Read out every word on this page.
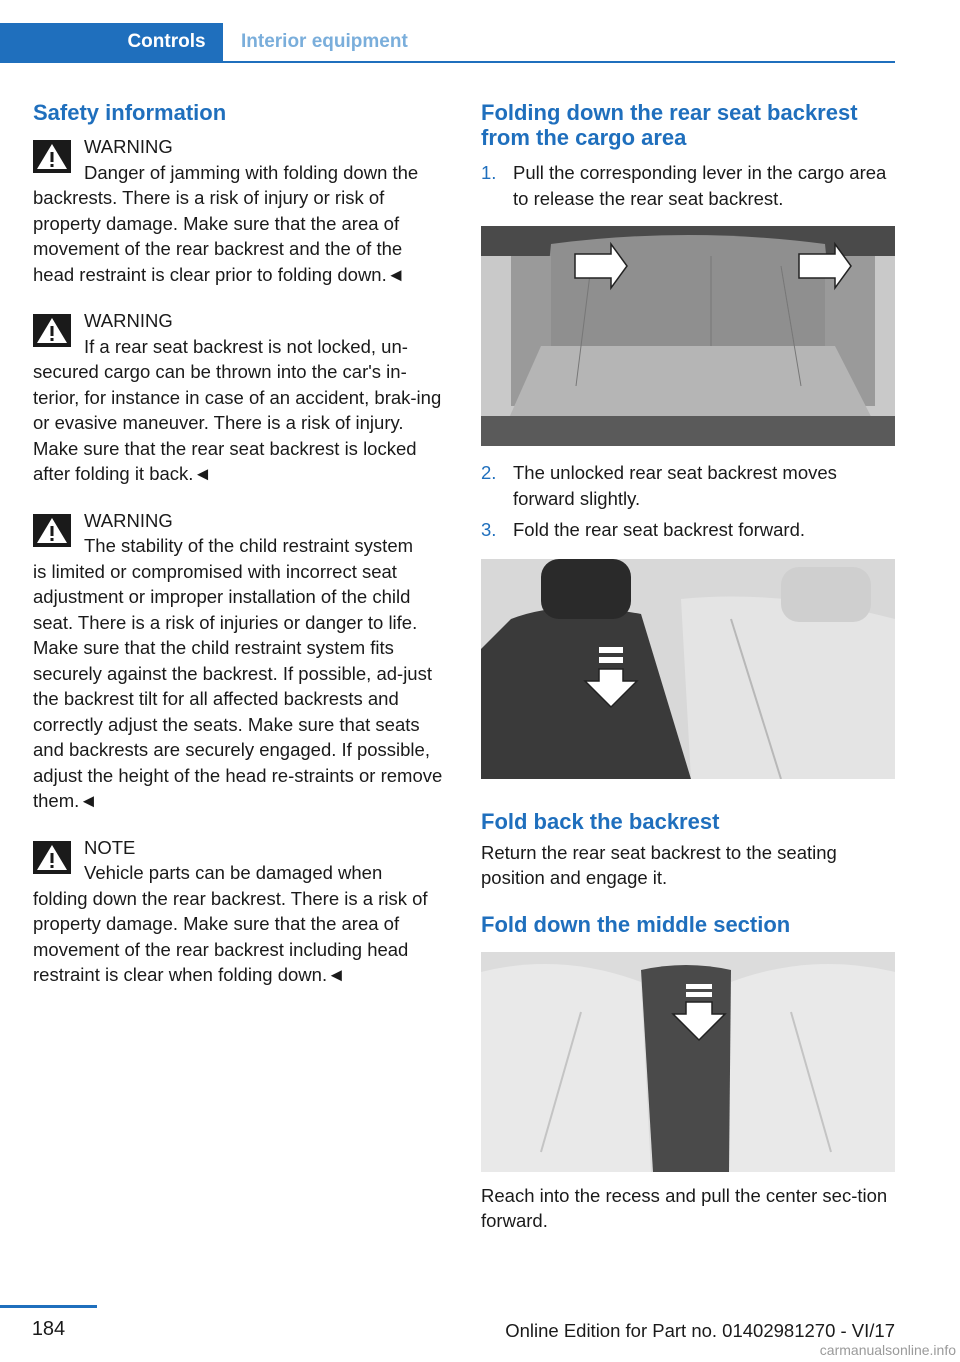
Controls Interior equipment
Safety information

WARNING

Danger of jamming with folding down the

backrests. There is a risk of injury or risk of property damage. Make sure that the area of movement of the rear backrest and the of the head restraint is clear prior to folding down.◄

WARNING

If a rear seat backrest is not locked, un-

secured cargo can be thrown into the car's in-terior, for instance in case of an accident, brak-ing or evasive maneuver. There is a risk of injury. Make sure that the rear seat backrest is locked after folding it back.◄

WARNING

The stability of the child restraint system

is limited or compromised with incorrect seat adjustment or improper installation of the child seat. There is a risk of injuries or danger to life. Make sure that the child restraint system fits securely against the backrest. If possible, ad-just the backrest tilt for all affected backrests and correctly adjust the seats. Make sure that seats and backrests are securely engaged. If possible, adjust the height of the head re-straints or remove them.◄

NOTE

Vehicle parts can be damaged when

folding down the rear backrest. There is a risk of property damage. Make sure that the area of movement of the rear backrest including head restraint is clear when folding down.◄

Folding down the rear seat backrest from the cargo area
1. Pull the corresponding lever in the cargo area to release the rear seat backrest.
2. The unlocked rear seat backrest moves forward slightly.
3. Fold the rear seat backrest forward.
Fold back the backrest

Return the rear seat backrest to the seating position and engage it.

Fold down the middle section

Reach into the recess and pull the center sec-tion forward.

184	Online Edition for Part no. 01402981270 - VI/17
carmanualsonline.info
